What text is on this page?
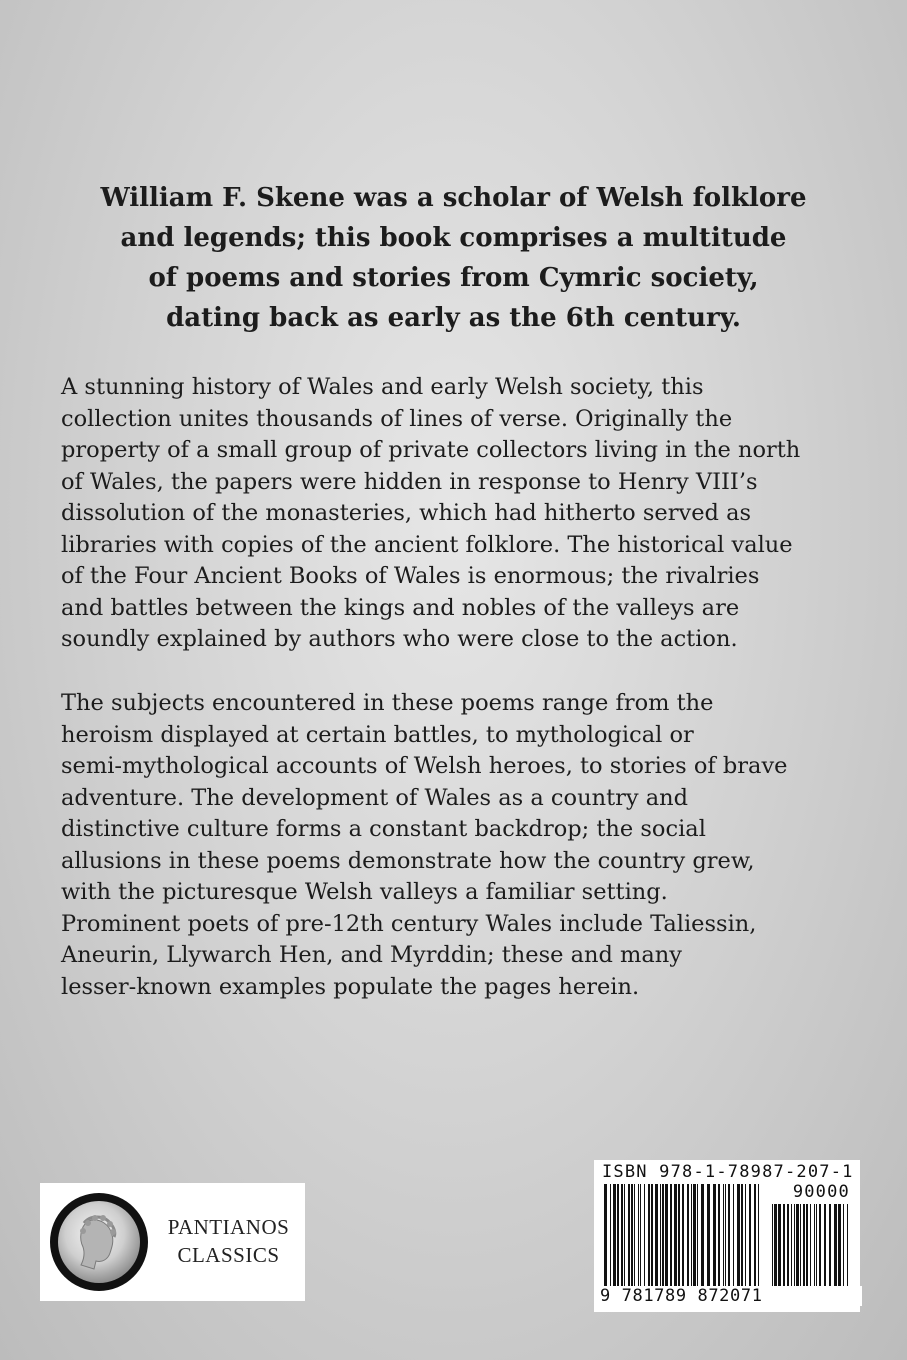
William F. Skene was a scholar of Welsh folklore
and legends; this book comprises a multitude
of poems and stories from Cymric society,
dating back as early as the 6th century.
A stunning history of Wales and early Welsh society, this
collection unites thousands of lines of verse. Originally the
property of a small group of private collectors living in the north
of Wales, the papers were hidden in response to Henry VIII’s
dissolution of the monasteries, which had hitherto served as
libraries with copies of the ancient folklore. The historical value
of the Four Ancient Books of Wales is enormous; the rivalries
and battles between the kings and nobles of the valleys are
soundly explained by authors who were close to the action.
The subjects encountered in these poems range from the
heroism displayed at certain battles, to mythological or
semi-mythological accounts of Welsh heroes, to stories of brave
adventure. The development of Wales as a country and
distinctive culture forms a constant backdrop; the social
allusions in these poems demonstrate how the country grew,
with the picturesque Welsh valleys a familiar setting.
Prominent poets of pre-12th century Wales include Taliessin,
Aneurin, Llywarch Hen, and Myrddin; these and many
lesser-known examples populate the pages herein.
PANTIANOS
CLASSICS
ISBN 978-1-78987-207-1
90000
9 781789 872071
